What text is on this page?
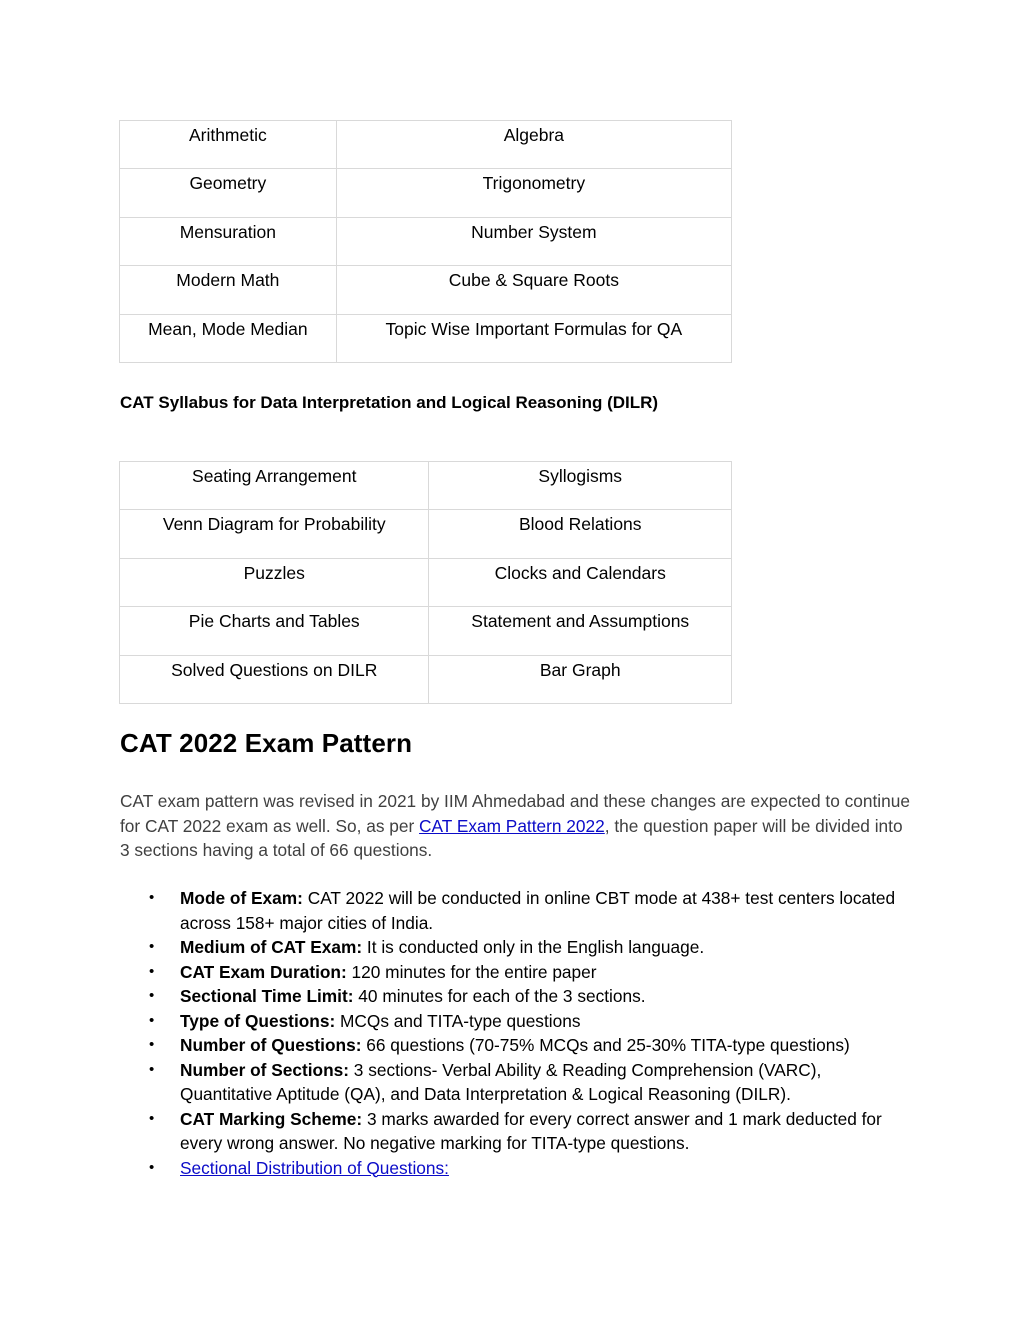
Arithmetic	Algebra
Geometry	Trigonometry
Mensuration	Number System
Modern Math	Cube & Square Roots
Mean, Mode Median	Topic Wise Important Formulas for QA

CAT Syllabus for Data Interpretation and Logical Reasoning (DILR)

Seating Arrangement	Syllogisms
Venn Diagram for Probability	Blood Relations
Puzzles	Clocks and Calendars
Pie Charts and Tables	Statement and Assumptions
Solved Questions on DILR	Bar Graph
CAT 2022 Exam Pattern

CAT exam pattern was revised in 2021 by IIM Ahmedabad and these changes are expected to continue for CAT 2022 exam as well. So, as per CAT Exam Pattern 2022, the question paper will be divided into 3 sections having a total of 66 questions.

• Mode of Exam: CAT 2022 will be conducted in online CBT mode at 438+ test centers located across 158+ major cities of India.
• Medium of CAT Exam: It is conducted only in the English language.
• CAT Exam Duration: 120 minutes for the entire paper
• Sectional Time Limit: 40 minutes for each of the 3 sections.
• Type of Questions: MCQs and TITA-type questions
• Number of Questions: 66 questions (70-75% MCQs and 25-30% TITA-type questions)
• Number of Sections: 3 sections- Verbal Ability & Reading Comprehension (VARC), Quantitative Aptitude (QA), and Data Interpretation & Logical Reasoning (DILR).
• CAT Marking Scheme: 3 marks awarded for every correct answer and 1 mark deducted for every wrong answer. No negative marking for TITA-type questions.
• Sectional Distribution of Questions:
